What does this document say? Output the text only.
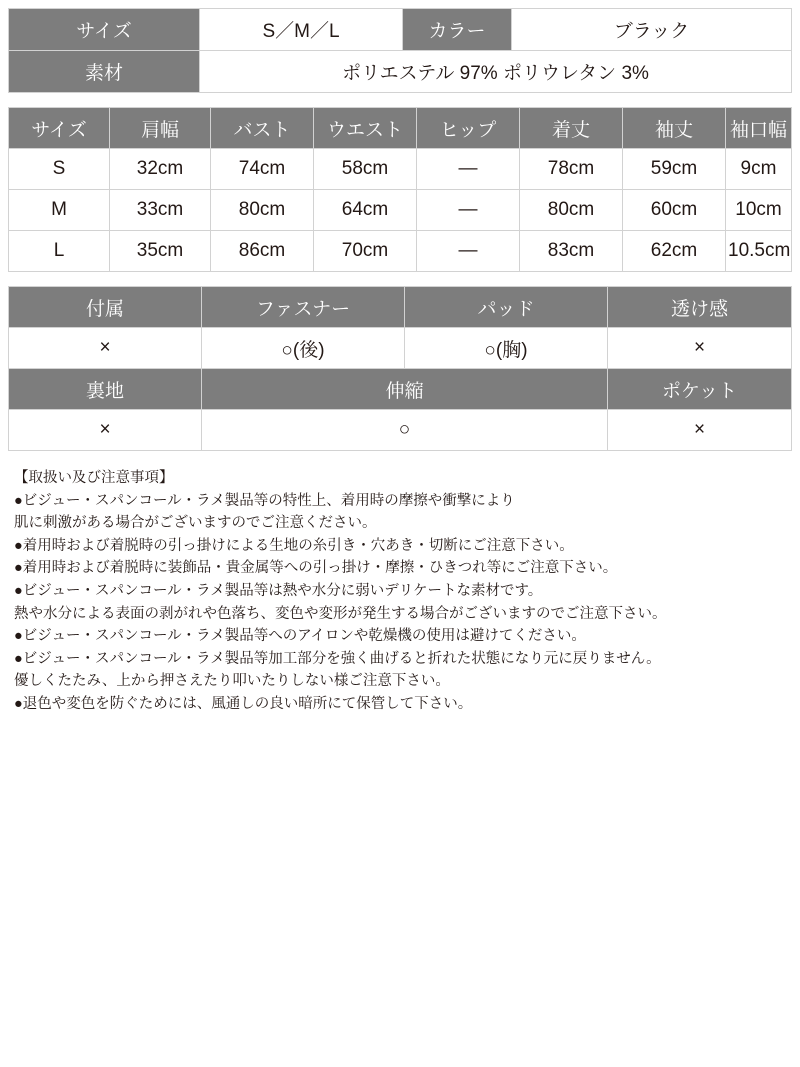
サイズ	S／M／L	カラー	ブラック
素材	ポリエステル 97% ポリウレタン 3%		
サイズ	肩幅	バスト	ウエスト	ヒップ	着丈	袖丈	袖口幅
S	32cm	74cm	58cm	—	78cm	59cm	9cm
M	33cm	80cm	64cm	—	80cm	60cm	10cm
L	35cm	86cm	70cm	—	83cm	62cm	10.5cm
付属	ファスナー	パッド	透け感
×	○(後)	○(胸)	×
裏地	伸縮		ポケット
×	○		×
【取扱い及び注意事項】
●ビジュー・スパンコール・ラメ製品等の特性上、着用時の摩擦や衝撃により
肌に刺激がある場合がございますのでご注意ください。
●着用時および着脱時の引っ掛けによる生地の糸引き・穴あき・切断にご注意下さい。
●着用時および着脱時に装飾品・貴金属等への引っ掛け・摩擦・ひきつれ等にご注意下さい。
●ビジュー・スパンコール・ラメ製品等は熱や水分に弱いデリケートな素材です。
熱や水分による表面の剥がれや色落ち、変色や変形が発生する場合がございますのでご注意下さい。
●ビジュー・スパンコール・ラメ製品等へのアイロンや乾燥機の使用は避けてください。
●ビジュー・スパンコール・ラメ製品等加工部分を強く曲げると折れた状態になり元に戻りません。
優しくたたみ、上から押さえたり叩いたりしない様ご注意下さい。
●退色や変色を防ぐためには、風通しの良い暗所にて保管して下さい。
